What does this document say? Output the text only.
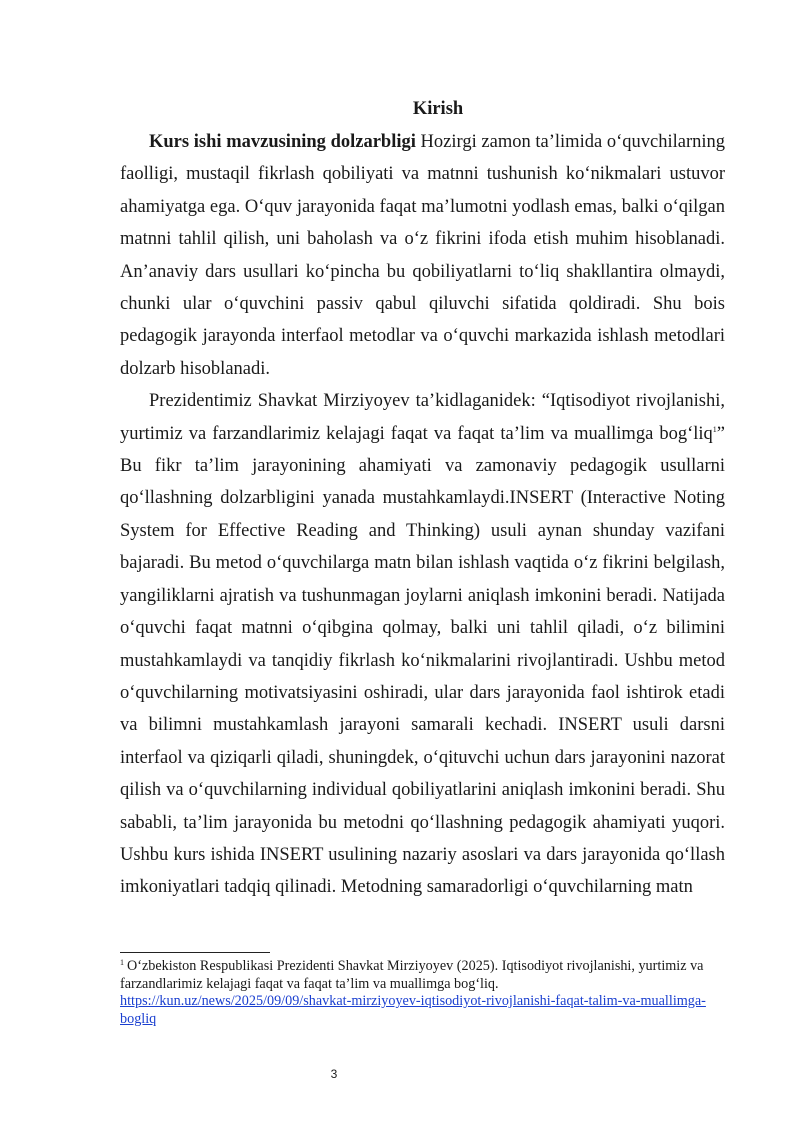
Kirish

Kurs ishi mavzusining dolzarbligi Hozirgi zamon ta’limida o‘quvchilarning faolligi, mustaqil fikrlash qobiliyati va matnni tushunish ko‘nikmalari ustuvor ahamiyatga ega. O‘quv jarayonida faqat ma’lumotni yodlash emas, balki o‘qilgan matnni tahlil qilish, uni baholash va o‘z fikrini ifoda etish muhim hisoblanadi. An’anaviy dars usullari ko‘pincha bu qobiliyatlarni to‘liq shakllantira olmaydi, chunki ular o‘quvchini passiv qabul qiluvchi sifatida qoldiradi. Shu bois pedagogik jarayonda interfaol metodlar va o‘quvchi markazida ishlash metodlari dolzarb hisoblanadi.

Prezidentimiz Shavkat Mirziyoyev ta’kidlaganidek: “Iqtisodiyot rivojlanishi, yurtimiz va farzandlarimiz kelajagi faqat va faqat ta’lim va muallimga bog‘liq$^1$” Bu fikr ta’lim jarayonining ahamiyati va zamonaviy pedagogik usullarni qo‘llashning dolzarbligini yanada mustahkamlaydi.INSERT (Interactive Noting System for Effective Reading and Thinking) usuli aynan shunday vazifani bajaradi. Bu metod o‘quvchilarga matn bilan ishlash vaqtida o‘z fikrini belgilash, yangiliklarni ajratish va tushunmagan joylarni aniqlash imkonini beradi. Natijada o‘quvchi faqat matnni o‘qibgina qolmay, balki uni tahlil qiladi, o‘z bilimini mustahkamlaydi va tanqidiy fikrlash ko‘nikmalarini rivojlantiradi. Ushbu metod o‘quvchilarning motivatsiyasini oshiradi, ular dars jarayonida faol ishtirok etadi va bilimni mustahkamlash jarayoni samarali kechadi. INSERT usuli darsni interfaol va qiziqarli qiladi, shuningdek, o‘qituvchi uchun dars jarayonini nazorat qilish va o‘quvchilarning individual qobiliyatlarini aniqlash imkonini beradi. Shu sababli, ta’lim jarayonida bu metodni qo‘llashning pedagogik ahamiyati yuqori. Ushbu kurs ishida INSERT usulining nazariy asoslari va dars jarayonida qo‘llash imkoniyatlari tadqiq qilinadi. Metodning samaradorligi o‘quvchilarning matn

$^1$ O‘zbekiston Respublikasi Prezidenti Shavkat Mirziyoyev (2025). Iqtisodiyot rivojlanishi, yurtimiz va farzandlarimiz kelajagi faqat va faqat ta’lim va muallimga bog‘liq.
https://kun.uz/news/2025/09/09/shavkat-mirziyoyev-iqtisodiyot-rivojlanishi-faqat-talim-va-muallimga-bogliq

3
